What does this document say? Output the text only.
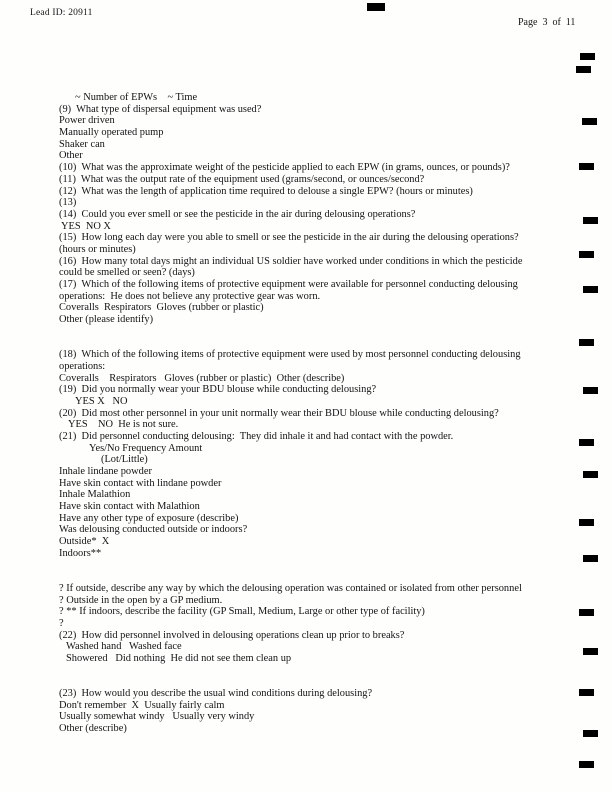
Lead ID: 20911
Page  3  of  11
~ Number of EPWs    ~ Time
(9)  What type of dispersal equipment was used?
Power driven
Manually operated pump
Shaker can
Other
(10)  What was the approximate weight of the pesticide applied to each EPW (in grams, ounces, or pounds)?
(11)  What was the output rate of the equipment used (grams/second, or ounces/second?
(12)  What was the length of application time required to delouse a single EPW? (hours or minutes)
(13)
(14)  Could you ever smell or see the pesticide in the air during delousing operations?
YES  NO X
(15)  How long each day were you able to smell or see the pesticide in the air during the delousing operations?
(hours or minutes)
(16)  How many total days might an individual US soldier have worked under conditions in which the pesticide
could be smelled or seen? (days)
(17)  Which of the following items of protective equipment were available for personnel conducting delousing
operations:  He does not believe any protective gear was worn.
Coveralls  Respirators  Gloves (rubber or plastic)
Other (please identify)

(18)  Which of the following items of protective equipment were used by most personnel conducting delousing
operations:
Coveralls    Respirators   Gloves (rubber or plastic)  Other (describe)
(19)  Did you normally wear your BDU blouse while conducting delousing?
YES X   NO
(20)  Did most other personnel in your unit normally wear their BDU blouse while conducting delousing?
YES    NO  He is not sure.
(21)  Did personnel conducting delousing:  They did inhale it and had contact with the powder.
Yes/No Frequency Amount
(Lot/Little)
Inhale lindane powder
Have skin contact with lindane powder
Inhale Malathion
Have skin contact with Malathion
Have any other type of exposure (describe)
Was delousing conducted outside or indoors?
Outside*  X
Indoors**

? If outside, describe any way by which the delousing operation was contained or isolated from other personnel
? Outside in the open by a GP medium.
? ** If indoors, describe the facility (GP Small, Medium, Large or other type of facility)
?
(22)  How did personnel involved in delousing operations clean up prior to breaks?
Washed hand   Washed face
Showered   Did nothing  He did not see them clean up

(23)  How would you describe the usual wind conditions during delousing?
Don't remember  X  Usually fairly calm
Usually somewhat windy   Usually very windy
Other (describe)
